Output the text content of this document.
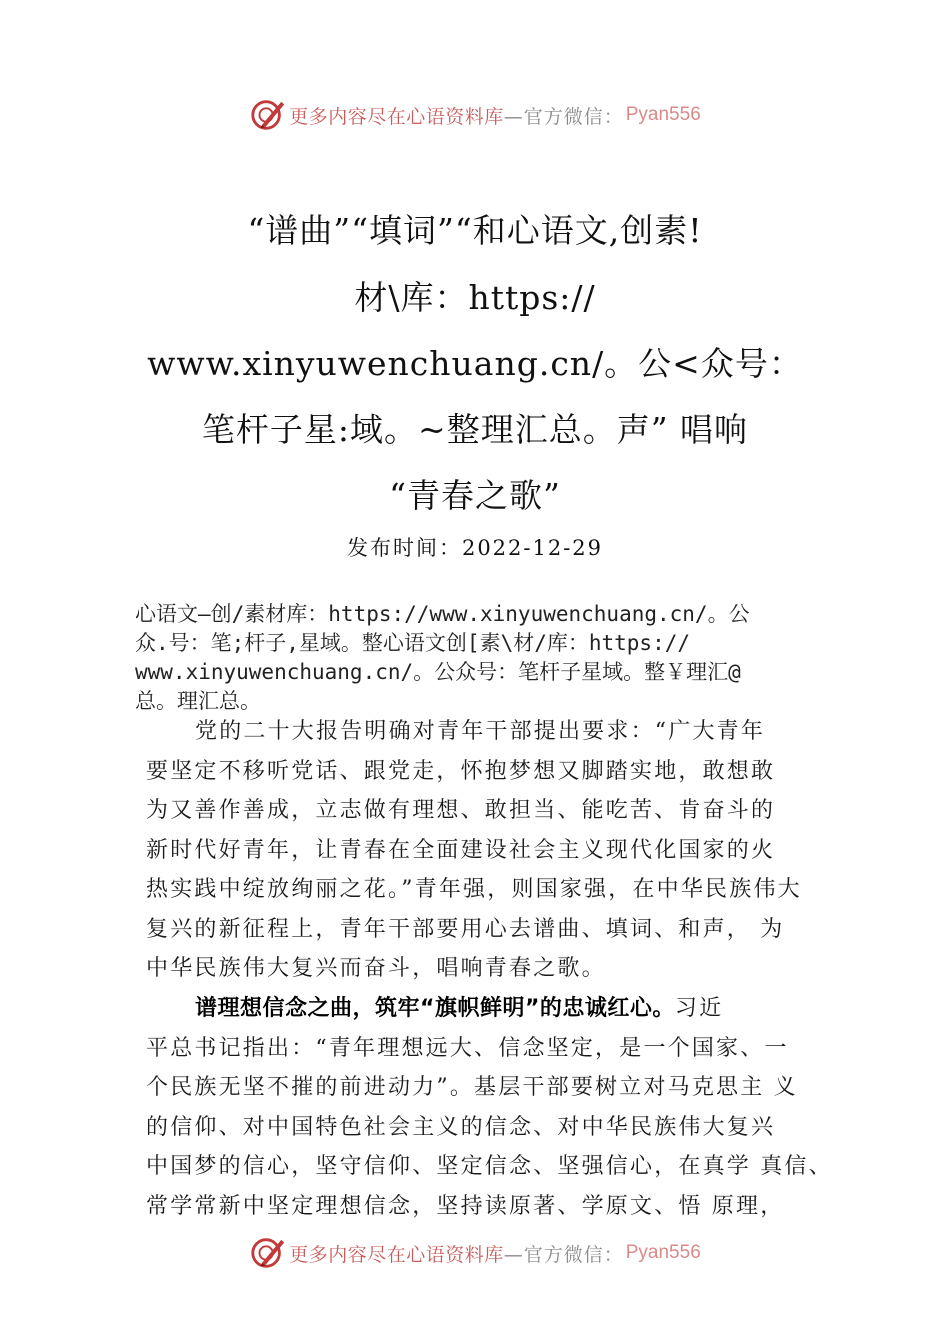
更多内容尽在心语资料库 —官方微信： Pyan556
“谱曲”“填词”“和心语文,创素!
材\库：https://
www.xinyuwenchuang.cn/。公<众号：
笔杆子星:域。~整理汇总。声” 唱响
“青春之歌”
发布时间：2022-12-29
心语文—创/素材库：https://www.xinyuwenchuang.cn/。公
众.号：笔;杆子,星域。整心语文创[素\材/库：https://
www.xinyuwenchuang.cn/。公众号：笔杆子星域。整￥理汇@
总。理汇总。
党的二十大报告明确对青年干部提出要求：“广大青年
要坚定不移听党话、跟党走，怀抱梦想又脚踏实地，敢想敢
为又善作善成，立志做有理想、敢担当、能吃苦、肯奋斗的
新时代好青年，让青春在全面建设社会主义现代化国家的火
热实践中绽放绚丽之花。”青年强，则国家强，在中华民族伟大
复兴的新征程上，青年干部要用心去谱曲、填词、和声， 为
中华民族伟大复兴而奋斗，唱响青春之歌。
谱理想信念之曲，筑牢“旗帜鲜明”的忠诚红心。习近
平总书记指出：“青年理想远大、信念坚定，是一个国家、一
个民族无坚不摧的前进动力”。基层干部要树立对马克思主 义
的信仰、对中国特色社会主义的信念、对中华民族伟大复兴
中国梦的信心，坚守信仰、坚定信念、坚强信心，在真学 真信、
常学常新中坚定理想信念，坚持读原著、学原文、悟 原理，
更多内容尽在心语资料库 —官方微信： Pyan556
